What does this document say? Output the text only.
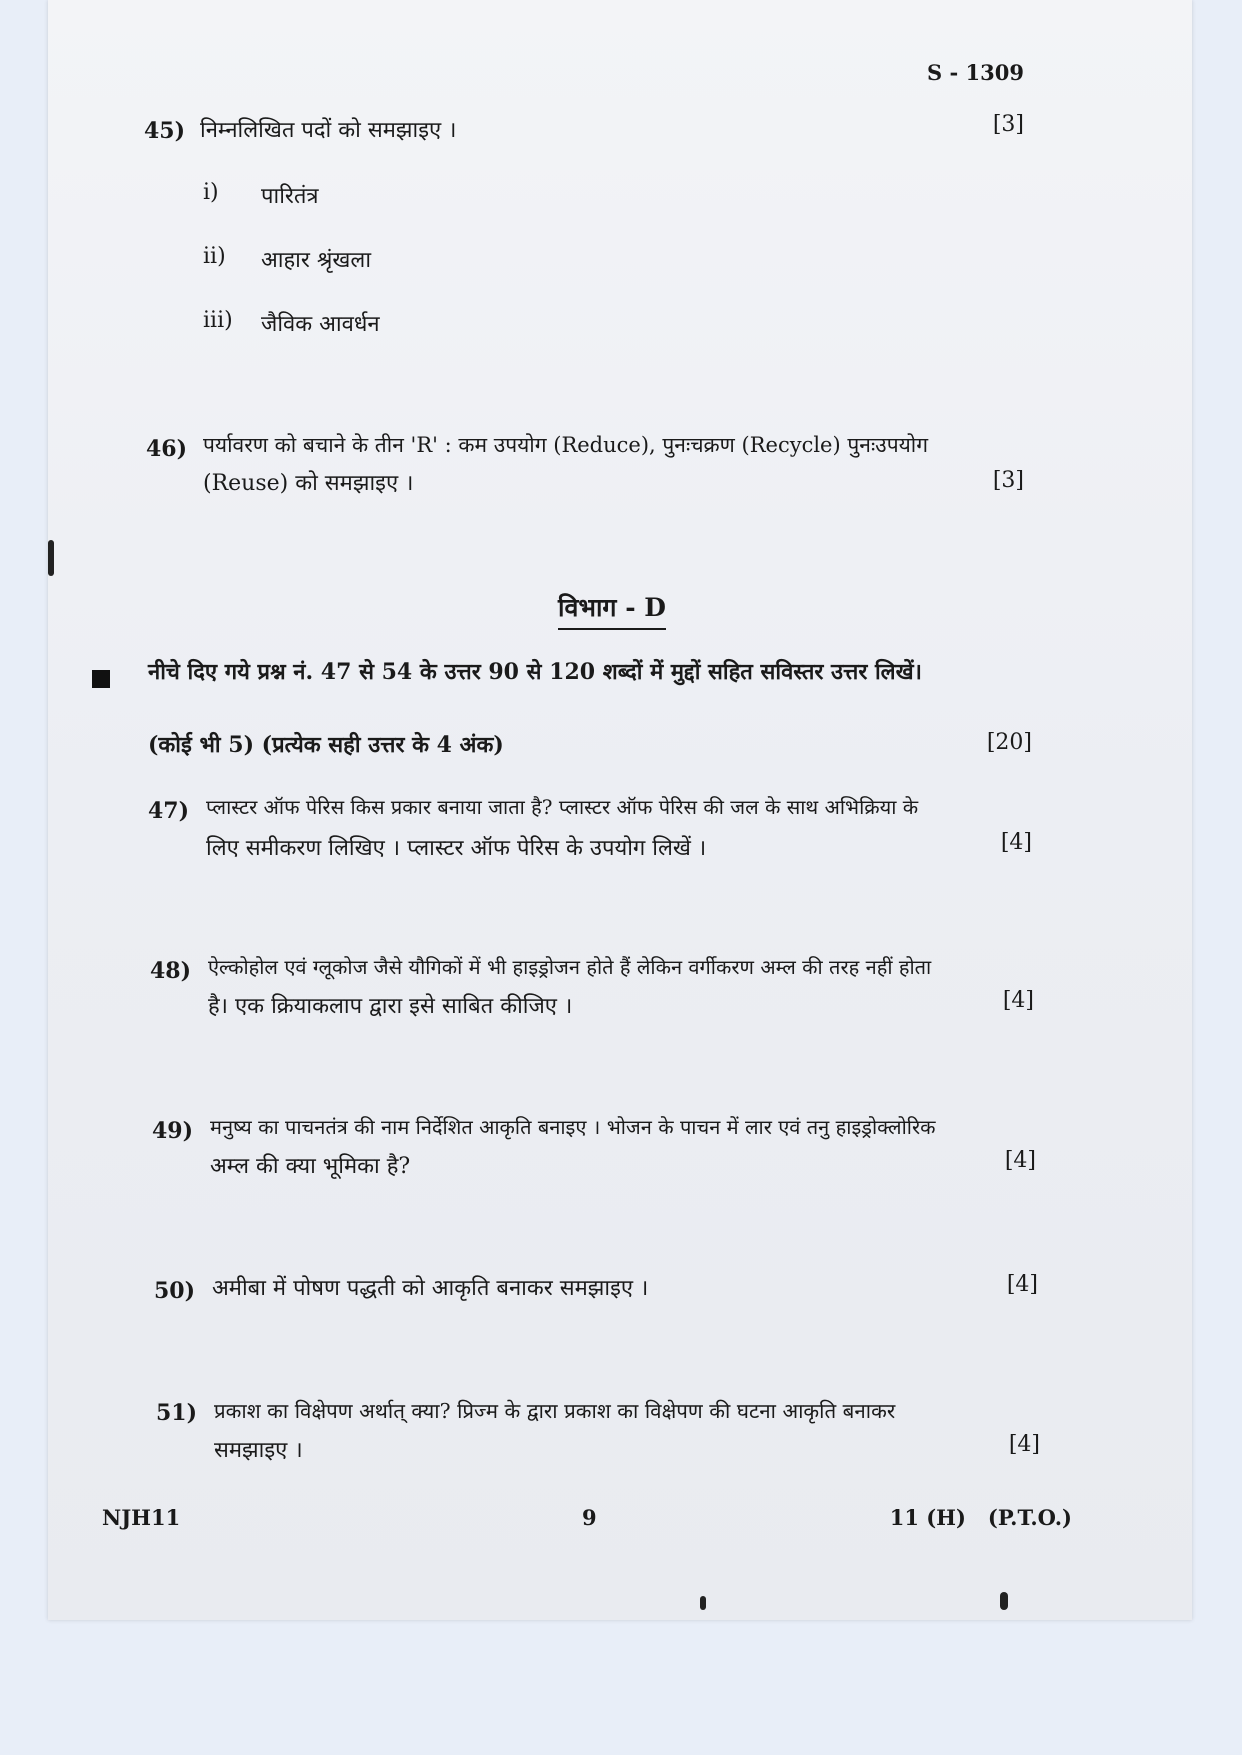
S - 1309
45) निम्नलिखित पदों को समझाइए ।	[3]
i) पारितंत्र
ii) आहार श्रृंखला
iii) जैविक आवर्धन
46) पर्यावरण को बचाने के तीन 'R' : कम उपयोग (Reduce), पुनःचक्रण (Recycle) पुनःउपयोग
(Reuse) को समझाइए ।	[3]
विभाग - D
नीचे दिए गये प्रश्न नं. 47 से 54 के उत्तर 90 से 120 शब्दों में मुद्दों सहित सविस्तर उत्तर लिखें।
(कोई भी 5) (प्रत्येक सही उत्तर के 4 अंक)	[20]
47) प्लास्टर ऑफ पेरिस किस प्रकार बनाया जाता है? प्लास्टर ऑफ पेरिस की जल के साथ अभिक्रिया के
लिए समीकरण लिखिए । प्लास्टर ऑफ पेरिस के उपयोग लिखें ।	[4]
48) ऐल्कोहोल एवं ग्लूकोज जैसे यौगिकों में भी हाइड्रोजन होते हैं लेकिन वर्गीकरण अम्ल की तरह नहीं होता
है। एक क्रियाकलाप द्वारा इसे साबित कीजिए ।	[4]
49) मनुष्य का पाचनतंत्र की नाम निर्देशित आकृति बनाइए । भोजन के पाचन में लार एवं तनु हाइड्रोक्लोरिक
अम्ल की क्या भूमिका है?	[4]
50) अमीबा में पोषण पद्धती को आकृति बनाकर समझाइए ।	[4]
51) प्रकाश का विक्षेपण अर्थात् क्या? प्रिज्म के द्वारा प्रकाश का विक्षेपण की घटना आकृति बनाकर
समझाइए ।	[4]
NJH11	9	11 (H)   (P.T.O.)
